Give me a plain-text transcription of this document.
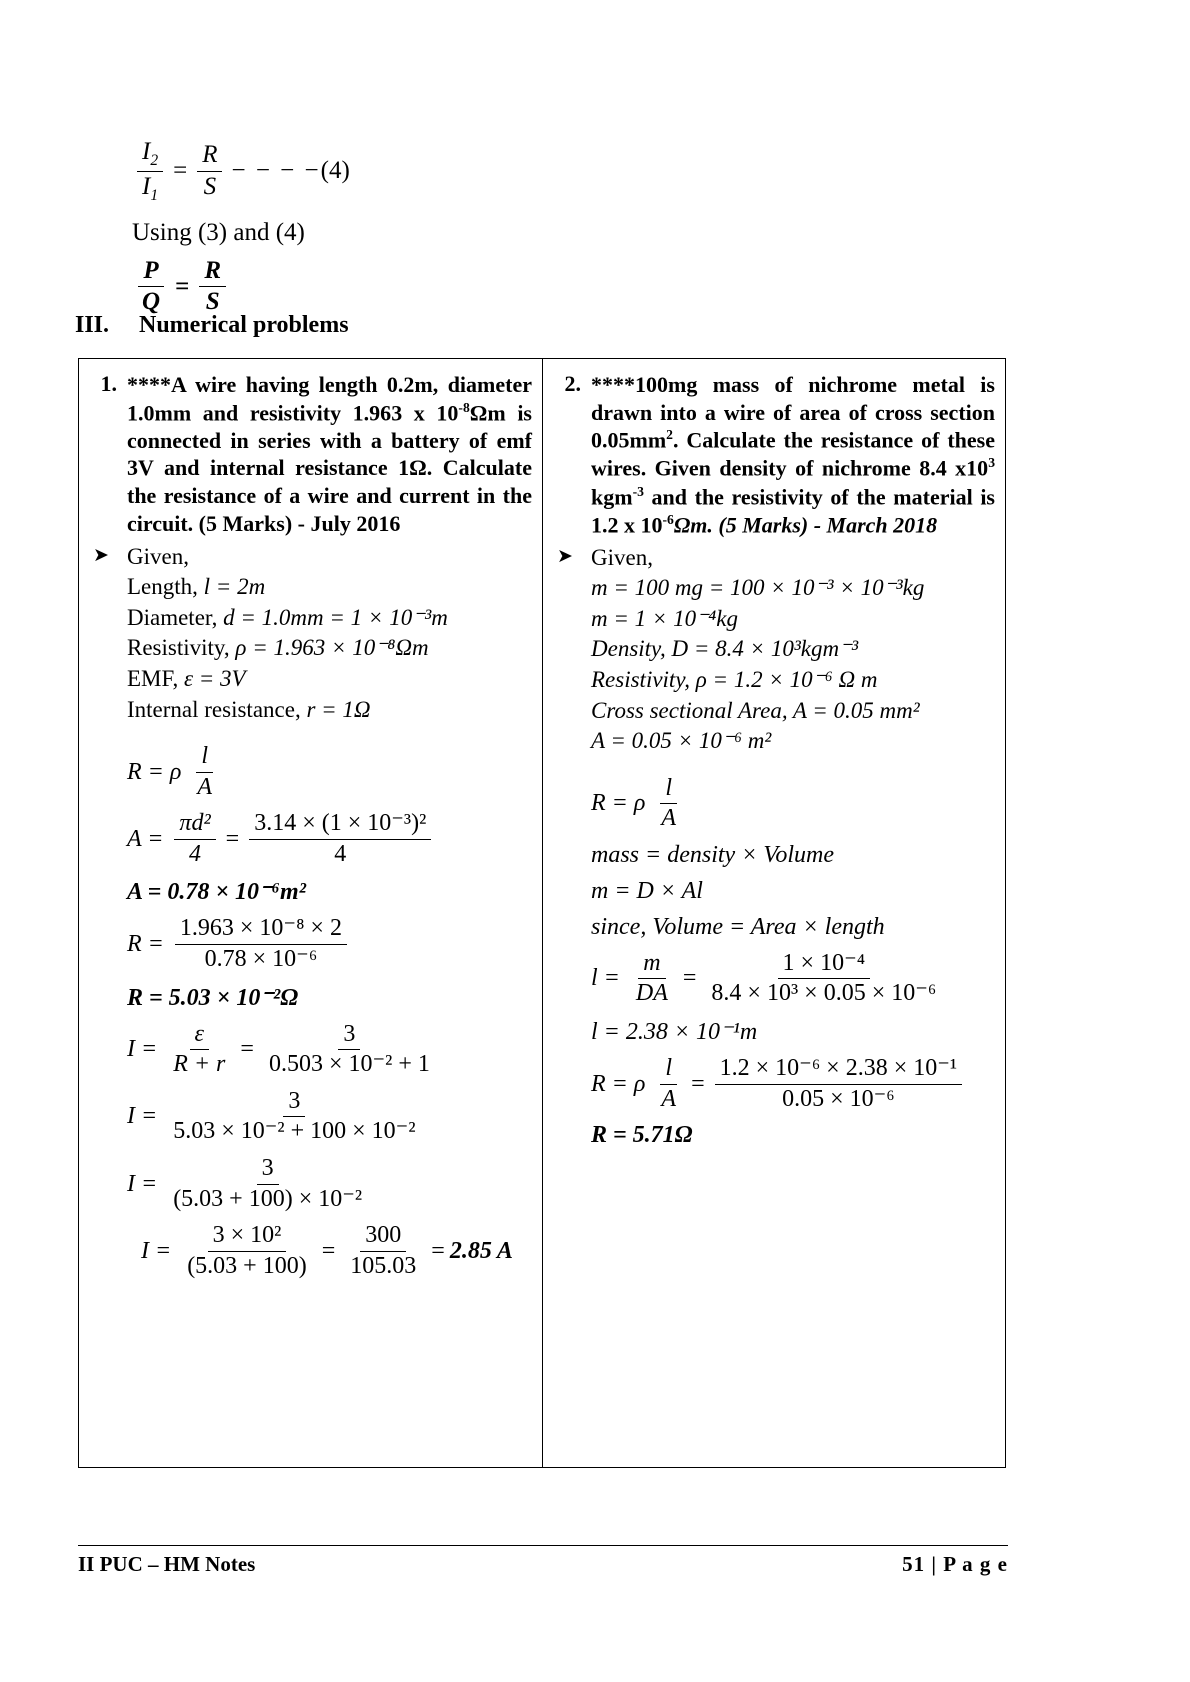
$\frac{I_2}{I_1} = \frac{R}{S}$ − − − − (4)
Using (3) and (4)
$\frac{P}{Q} = \frac{R}{S}$
III.	Numerical problems
1. ****A wire having length 0.2m, diameter 1.0mm and resistivity 1.963 x $10^{-8}\Omega m$ is connected in series with a battery of emf 3V and internal resistance 1Ω. Calculate the resistance of a wire and current in the circuit. (5 Marks) - July 2016
➤ Given,
Length,
l = 2m
Diameter,
d = 1.0mm = 1 × 10⁻³m
Resistivity,
ρ = 1.963 × 10⁻⁸Ωm
EMF,
ε = 3V
Internal resistance,
r = 1Ω
R =
ρ
$\frac{l}{A}$
A =
$\frac{\text{πd²}}{4} = \frac{\text{3.14 × (1 × 10⁻³)²}}{4}$
A = 0.78 × 10⁻⁶m²
R =
$\frac{\text{1.963 × 10⁻⁸ × 2}}{\text{0.78 × 10⁻⁶}}$
R = 5.03 × 10⁻²Ω
I =
$\frac{\varepsilon}{R + r} = \frac{3}{\text{0.503 × 10⁻² + 1}}$
I =
$\frac{3}{\text{5.03 × 10⁻² + 100 × 10⁻²}}$
I =
$\frac{3}{\text{(5.03 + 100) × 10⁻²}}$
I =
$\frac{\text{3 × 10²}}{(5.03 + 100)} = \frac{300}{105.03} = 2.85$ A
2. ****100mg mass of nichrome metal is drawn into a wire of area of cross section $0.05mm^2$. Calculate the resistance of these wires. Given density of nichrome 8.4 $x10^3$ kgm$^{-3}$ and the resistivity of the material is 1.2 x $10^{-6}\Omega m$. (5 Marks) - March 2018
➤ Given,
m = 100 mg = 100 × 10⁻³ × 10⁻³kg
m = 1 × 10⁻⁴kg
Density, D = 8.4 × 10³kgm⁻³
Resistivity, ρ = 1.2 × 10⁻⁶ Ω m
Cross sectional Area, A = 0.05 mm²
A = 0.05 × 10⁻⁶ m²
R =
ρ
$\frac{l}{A}$
mass = density × Volume
m = D × Al
since, Volume = Area × length
l =
$\frac{m}{DA} = \frac{\text{1 × 10⁻⁴}}{\text{8.4 × 10³ × 0.05 × 10⁻⁶}}$
l = 2.38 × 10⁻¹m
R =
ρ
$\frac{l}{A} = \frac{\text{1.2 × 10⁻⁶ × 2.38 × 10⁻¹}}{\text{0.05 × 10⁻⁶}}$
R = 5.71Ω
II PUC – HM Notes	51 | P a g e
